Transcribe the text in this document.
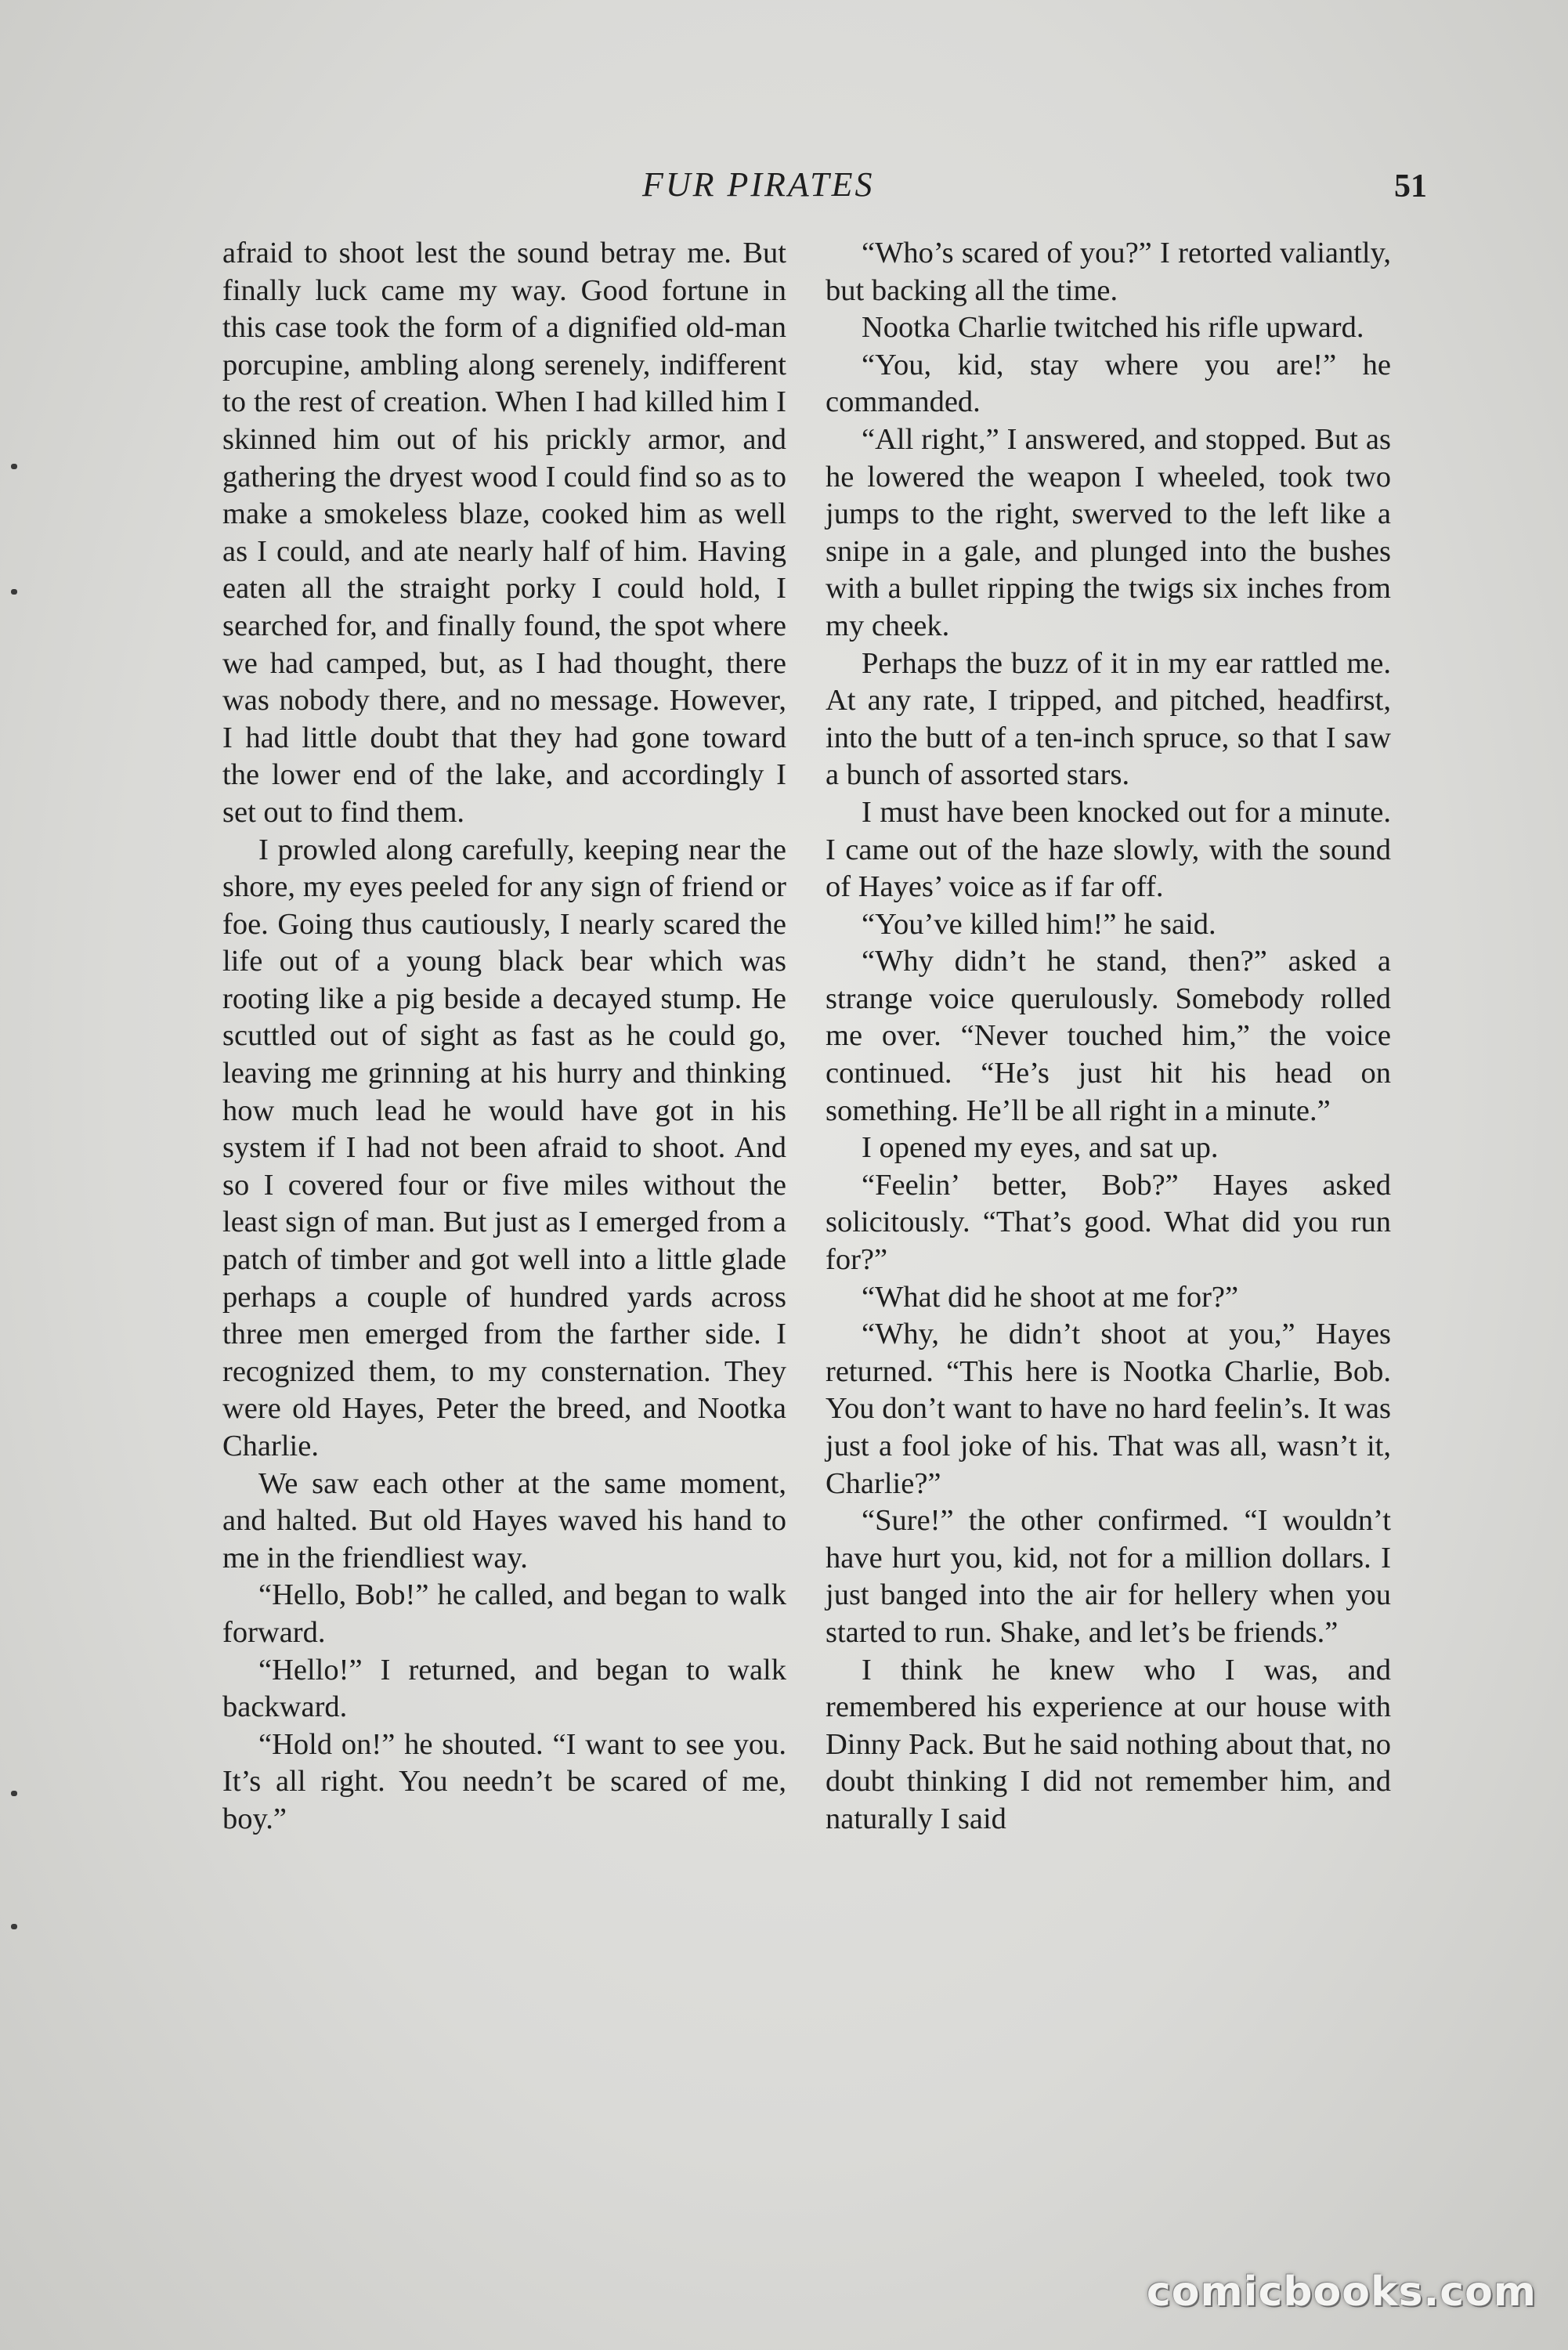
FUR PIRATES	51

afraid to shoot lest the sound betray me. But finally luck came my way. Good fortune in this case took the form of a dignified old-man porcupine, ambling along serenely, indifferent to the rest of creation. When I had killed him I skinned him out of his prickly armor, and gathering the dryest wood I could find so as to make a smokeless blaze, cooked him as well as I could, and ate nearly half of him. Having eaten all the straight porky I could hold, I searched for, and finally found, the spot where we had camped, but, as I had thought, there was nobody there, and no message. However, I had little doubt that they had gone toward the lower end of the lake, and accordingly I set out to find them.

I prowled along carefully, keeping near the shore, my eyes peeled for any sign of friend or foe. Going thus cautiously, I nearly scared the life out of a young black bear which was rooting like a pig beside a decayed stump. He scuttled out of sight as fast as he could go, leaving me grinning at his hurry and thinking how much lead he would have got in his system if I had not been afraid to shoot. And so I covered four or five miles without the least sign of man. But just as I emerged from a patch of timber and got well into a little glade perhaps a couple of hundred yards across three men emerged from the farther side. I recognized them, to my consternation. They were old Hayes, Peter the breed, and Nootka Charlie.

We saw each other at the same moment, and halted. But old Hayes waved his hand to me in the friendliest way.

“Hello, Bob!” he called, and began to walk forward.

“Hello!” I returned, and began to walk backward.

“Hold on!” he shouted. “I want to see you. It’s all right. You needn’t be scared of me, boy.”

“Who’s scared of you?” I retorted valiantly, but backing all the time.

Nootka Charlie twitched his rifle upward.

“You, kid, stay where you are!” he commanded.

“All right,” I answered, and stopped. But as he lowered the weapon I wheeled, took two jumps to the right, swerved to the left like a snipe in a gale, and plunged into the bushes with a bullet ripping the twigs six inches from my cheek.

Perhaps the buzz of it in my ear rattled me. At any rate, I tripped, and pitched, headfirst, into the butt of a ten-inch spruce, so that I saw a bunch of assorted stars.

I must have been knocked out for a minute. I came out of the haze slowly, with the sound of Hayes’ voice as if far off.

“You’ve killed him!” he said.

“Why didn’t he stand, then?” asked a strange voice querulously. Somebody rolled me over. “Never touched him,” the voice continued. “He’s just hit his head on something. He’ll be all right in a minute.”

I opened my eyes, and sat up.

“Feelin’ better, Bob?” Hayes asked solicitously. “That’s good. What did you run for?”

“What did he shoot at me for?”

“Why, he didn’t shoot at you,” Hayes returned. “This here is Nootka Charlie, Bob. You don’t want to have no hard feelin’s. It was just a fool joke of his. That was all, wasn’t it, Charlie?”

“Sure!” the other confirmed. “I wouldn’t have hurt you, kid, not for a million dollars. I just banged into the air for hellery when you started to run. Shake, and let’s be friends.”

I think he knew who I was, and remembered his experience at our house with Dinny Pack. But he said nothing about that, no doubt thinking I did not remember him, and naturally I said

comicbooks.com
